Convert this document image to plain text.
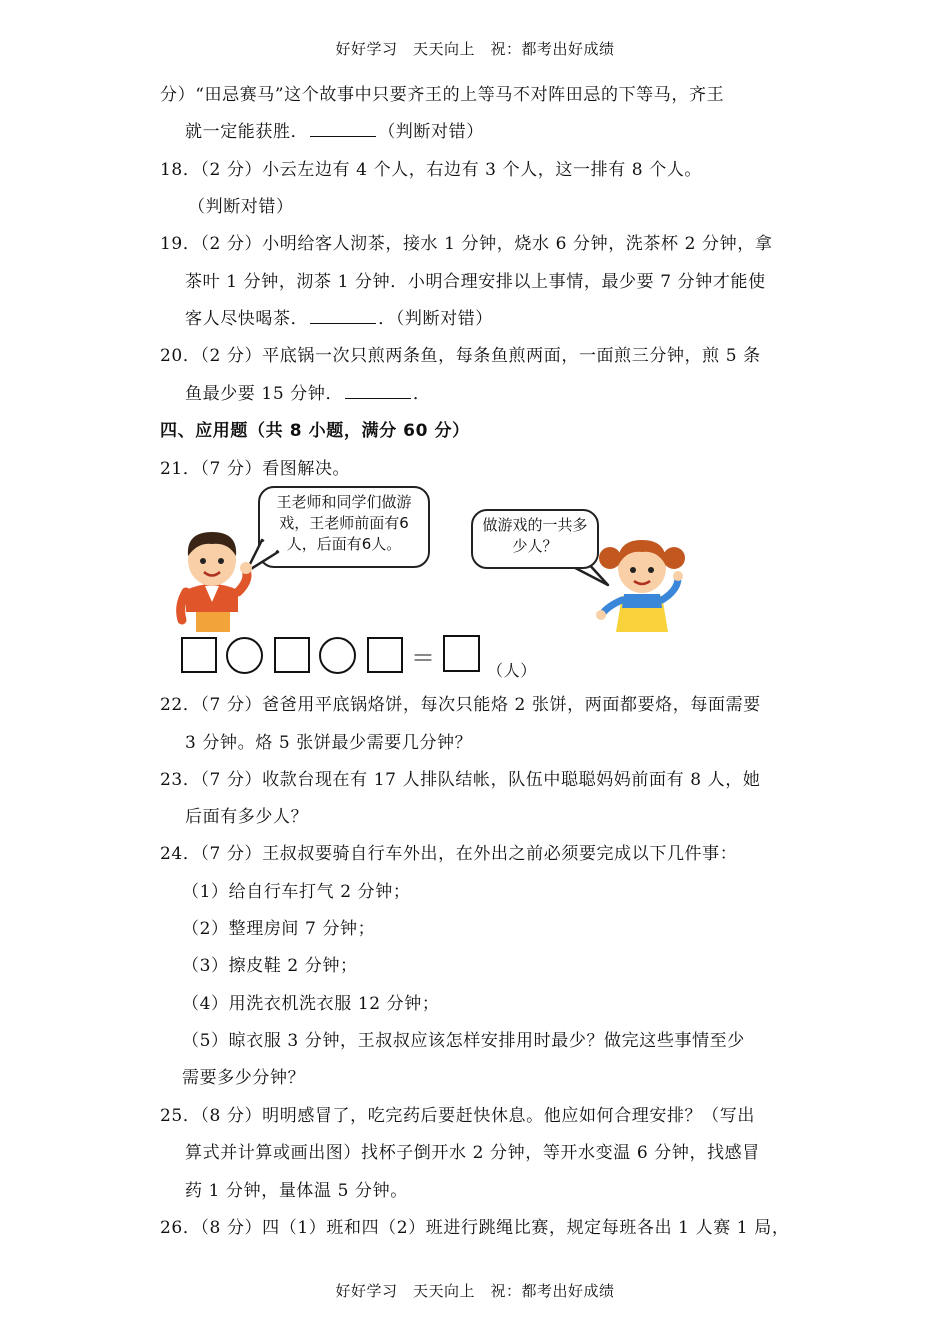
好好学习　天天向上　祝：都考出好成绩
分）“田忌赛马”这个故事中只要齐王的上等马不对阵田忌的下等马，齐王
就一定能获胜．	（判断对错）
18．（2 分）小云左边有 4 个人，右边有 3 个人，这一排有 8 个人。
（判断对错）
19．（2 分）小明给客人沏茶，接水 1 分钟，烧水 6 分钟，洗茶杯 2 分钟，拿
茶叶 1 分钟，沏茶 1 分钟．小明合理安排以上事情，最少要 7 分钟才能使
客人尽快喝茶．	．（判断对错）
20．（2 分）平底锅一次只煎两条鱼，每条鱼煎两面，一面煎三分钟，煎 5 条
鱼最少要 15 分钟．	．
四、应用题（共 8 小题，满分 60 分）
21．（7 分）看图解决。
王老师和同学们做游戏，王老师前面有6人，后面有6人。
做游戏的一共多少人？
＝	（人）
22．（7 分）爸爸用平底锅烙饼，每次只能烙 2 张饼，两面都要烙，每面需要
3 分钟。烙 5 张饼最少需要几分钟？
23．（7 分）收款台现在有 17 人排队结帐，队伍中聪聪妈妈前面有 8 人，她
后面有多少人？
24．（7 分）王叔叔要骑自行车外出，在外出之前必须要完成以下几件事：
（1）给自行车打气 2 分钟；
（2）整理房间 7 分钟；
（3）擦皮鞋 2 分钟；
（4）用洗衣机洗衣服 12 分钟；
（5）晾衣服 3 分钟，王叔叔应该怎样安排用时最少？做完这些事情至少
需要多少分钟？
25．（8 分）明明感冒了，吃完药后要赶快休息。他应如何合理安排？（写出
算式并计算或画出图）找杯子倒开水 2 分钟，等开水变温 6 分钟，找感冒
药 1 分钟，量体温 5 分钟。
26．（8 分）四（1）班和四（2）班进行跳绳比赛，规定每班各出 1 人赛 1 局，
好好学习　天天向上　祝：都考出好成绩
